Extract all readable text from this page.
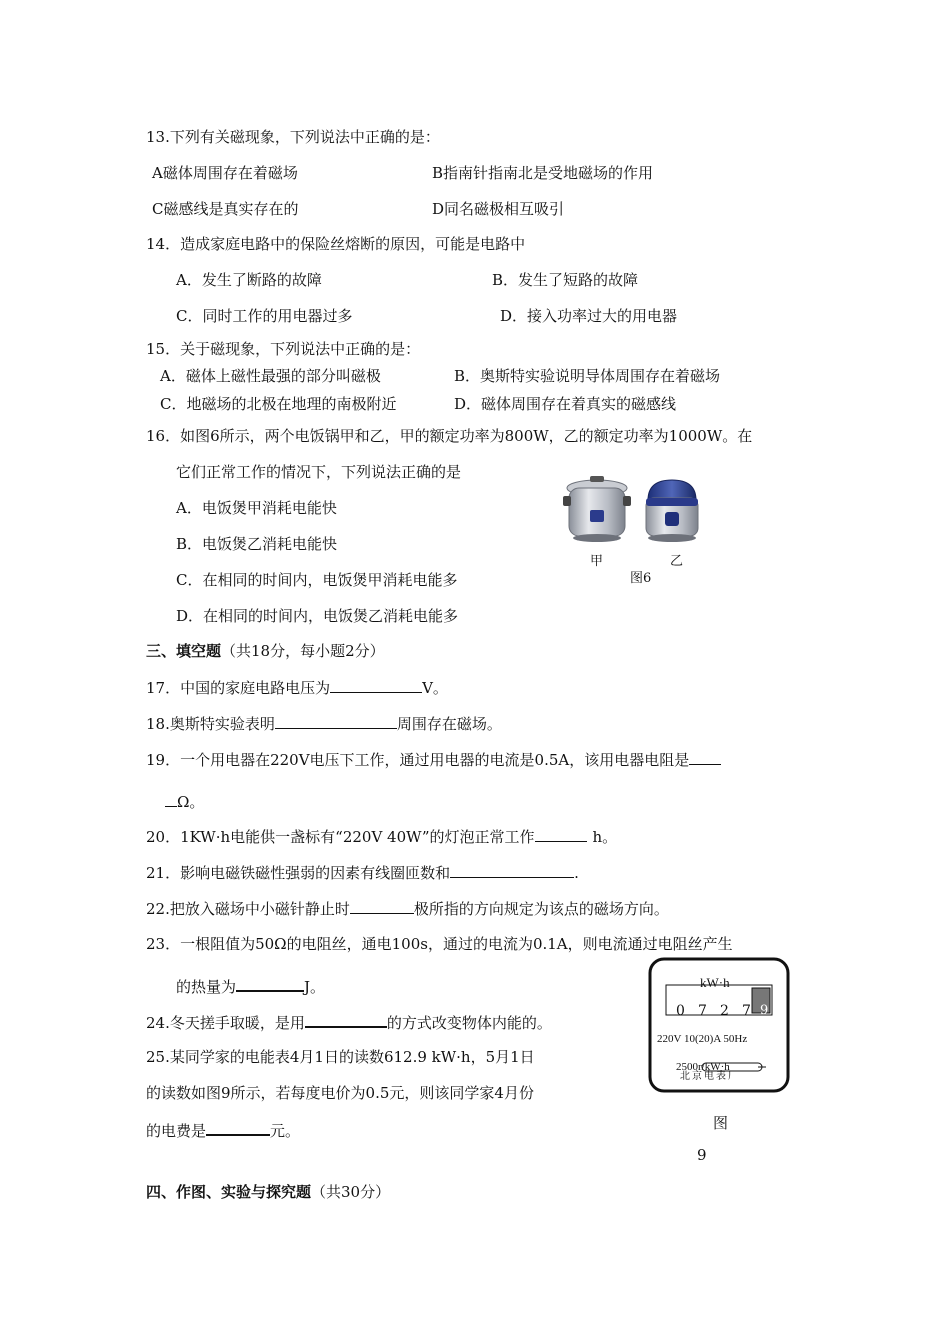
13.下列有关磁现象，下列说法中正确的是：
A磁体周围存在着磁场	B指南针指南北是受地磁场的作用
C磁感线是真实存在的	D同名磁极相互吸引
14．造成家庭电路中的保险丝熔断的原因，可能是电路中
A．发生了断路的故障	B．发生了短路的故障
C．同时工作的用电器过多	D．接入功率过大的用电器
15．关于磁现象，下列说法中正确的是：
A．磁体上磁性最强的部分叫磁极	B．奥斯特实验说明导体周围存在着磁场
C．地磁场的北极在地理的南极附近	D．磁体周围存在着真实的磁感线
16．如图6所示，两个电饭锅甲和乙，甲的额定功率为800W，乙的额定功率为1000W。在
它们正常工作的情况下，下列说法正确的是
A．电饭煲甲消耗电能快
B．电饭煲乙消耗电能快
C．在相同的时间内，电饭煲甲消耗电能多
D．在相同的时间内，电饭煲乙消耗电能多
甲	乙
图6
三、填空题（共18分，每小题2分）
17．中国的家庭电路电压为	V。
18.奥斯特实验表明	周围存在磁场。
19．一个用电器在220V电压下工作，通过用电器的电流是0.5A，该用电器电阻是
Ω。
20．1KW·h电能供一盏标有“220V 40W”的灯泡正常工作	h。
21．影响电磁铁磁性强弱的因素有线圈匝数和	.
22.把放入磁场中小磁针静止时	极所指的方向规定为该点的磁场方向。
23．一根阻值为50Ω的电阻丝，通电100s，通过的电流为0.1A，则电流通过电阻丝产生
的热量为	J。
24.冬天搓手取暖，是用	的方式改变物体内能的。
25.某同学家的电能表4月1日的读数612.9 kW·h，5月1日
的读数如图9所示，若每度电价为0.5元，则该同学家4月份
的电费是	元。
kW·h
0 7 2 7 9
220V 10(20)A 50Hz
2500r/kW·h
北京电表厂
图
9
四、作图、实验与探究题（共30分）
